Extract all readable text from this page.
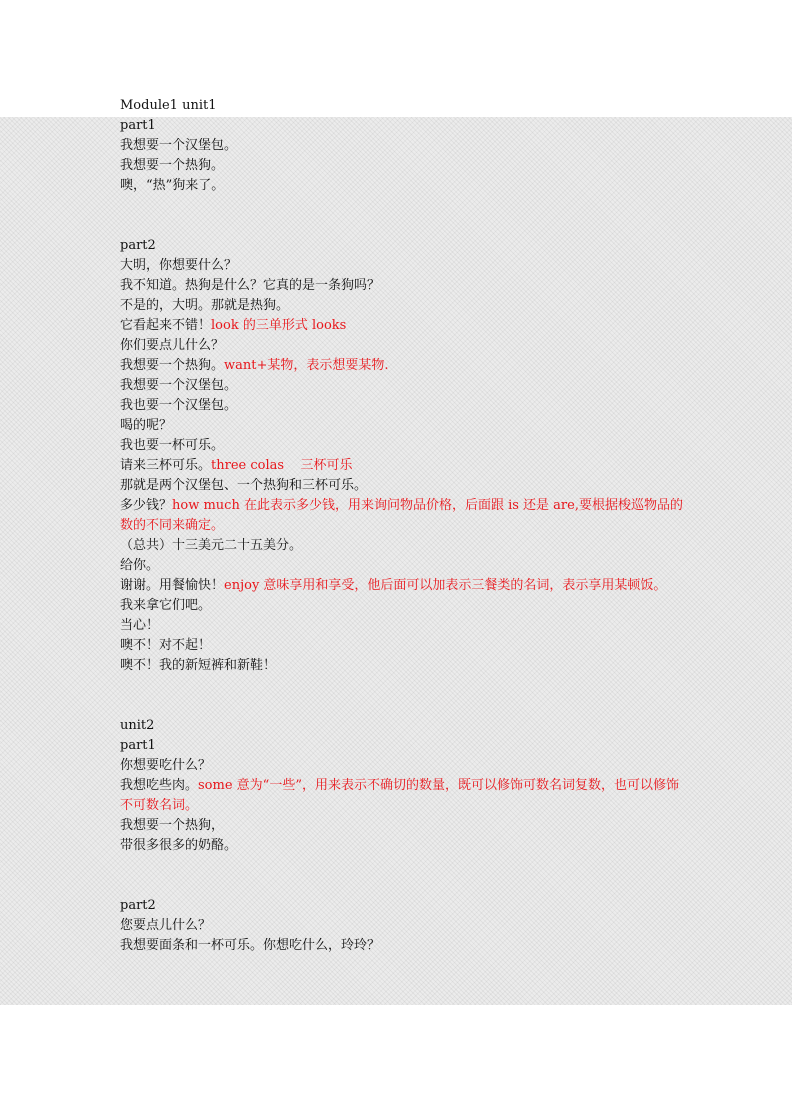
Module1 unit1
part1
我想要一个汉堡包。
我想要一个热狗。
噢，“热”狗来了。
part2
大明，你想要什么？
我不知道。热狗是什么？它真的是一条狗吗？
不是的，大明。那就是热狗。
它看起来不错！look 的三单形式 looks
你们要点儿什么？
我想要一个热狗。want+某物，表示想要某物.
我想要一个汉堡包。
我也要一个汉堡包。
喝的呢？
我也要一杯可乐。
请来三杯可乐。three colas    三杯可乐
那就是两个汉堡包、一个热狗和三杯可乐。
多少钱？how much 在此表示多少钱，用来询问物品价格，后面跟 is 还是 are,要根据梭巡物品的数的不同来确定。
（总共）十三美元二十五美分。
给你。
谢谢。用餐愉快！enjoy 意味享用和享受，他后面可以加表示三餐类的名词，表示享用某顿饭。
我来拿它们吧。
当心！
噢不！对不起！
噢不！我的新短裤和新鞋！
unit2
part1
你想要吃什么？
我想吃些肉。some 意为“一些”，用来表示不确切的数量，既可以修饰可数名词复数，也可以修饰不可数名词。
我想要一个热狗，
带很多很多的奶酪。
part2
您要点儿什么？
我想要面条和一杯可乐。你想吃什么，玲玲？
